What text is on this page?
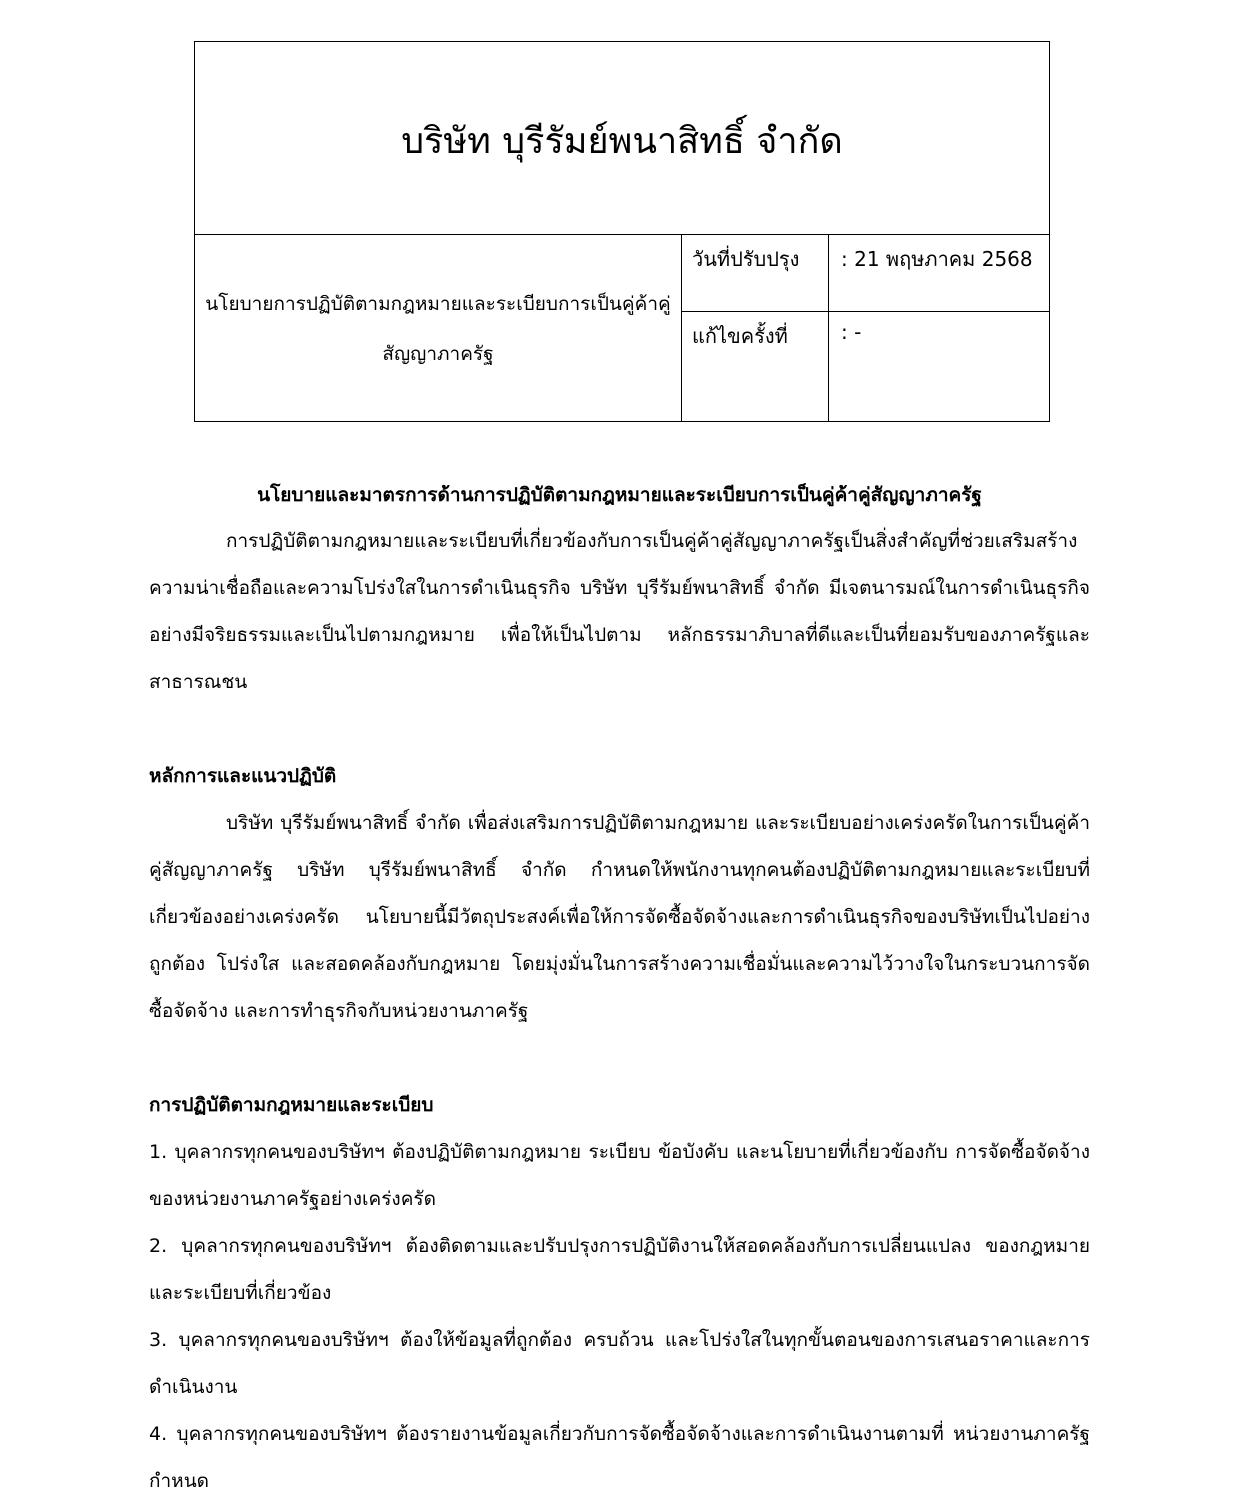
บริษัท บุรีรัมย์พนาสิทธิ์ จำกัด
นโยบายการปฏิบัติตามกฎหมายและระเบียบการเป็นคู่ค้าคู่สัญญาภาครัฐ
วันที่ปรับปรุง	: 21 พฤษภาคม 2568
แก้ไขครั้งที่	: -
นโยบายและมาตรการด้านการปฏิบัติตามกฎหมายและระเบียบการเป็นคู่ค้าคู่สัญญาภาครัฐ

การปฏิบัติตามกฎหมายและระเบียบที่เกี่ยวข้องกับการเป็นคู่ค้าคู่สัญญาภาครัฐเป็นสิ่งสำคัญที่ช่วยเสริมสร้างความน่าเชื่อถือและความโปร่งใสในการดำเนินธุรกิจ บริษัท บุรีรัมย์พนาสิทธิ์ จำกัด มีเจตนารมณ์ในการดำเนินธุรกิจอย่างมีจริยธรรมและเป็นไปตามกฎหมาย เพื่อให้เป็นไปตาม หลักธรรมาภิบาลที่ดีและเป็นที่ยอมรับของภาครัฐและสาธารณชน

หลักการและแนวปฏิบัติ

บริษัท บุรีรัมย์พนาสิทธิ์ จำกัด เพื่อส่งเสริมการปฏิบัติตามกฎหมาย และระเบียบอย่างเคร่งครัดในการเป็นคู่ค้าคู่สัญญาภาครัฐ บริษัท บุรีรัมย์พนาสิทธิ์ จำกัด กำหนดให้พนักงานทุกคนต้องปฏิบัติตามกฎหมายและระเบียบที่เกี่ยวข้องอย่างเคร่งครัด นโยบายนี้มีวัตถุประสงค์เพื่อให้การจัดซื้อจัดจ้างและการดำเนินธุรกิจของบริษัทเป็นไปอย่างถูกต้อง โปร่งใส และสอดคล้องกับกฎหมาย โดยมุ่งมั่นในการสร้างความเชื่อมั่นและความไว้วางใจในกระบวนการจัดซื้อจัดจ้าง และการทำธุรกิจกับหน่วยงานภาครัฐ

การปฏิบัติตามกฎหมายและระเบียบ
1. บุคลากรทุกคนของบริษัทฯ ต้องปฏิบัติตามกฎหมาย ระเบียบ ข้อบังคับ และนโยบายที่เกี่ยวข้องกับ การจัดซื้อจัดจ้างของหน่วยงานภาครัฐอย่างเคร่งครัด
2. บุคลากรทุกคนของบริษัทฯ ต้องติดตามและปรับปรุงการปฏิบัติงานให้สอดคล้องกับการเปลี่ยนแปลง ของกฎหมายและระเบียบที่เกี่ยวข้อง
3. บุคลากรทุกคนของบริษัทฯ ต้องให้ข้อมูลที่ถูกต้อง ครบถ้วน และโปร่งใสในทุกขั้นตอนของการเสนอราคาและการดำเนินงาน
4. บุคลากรทุกคนของบริษัทฯ ต้องรายงานข้อมูลเกี่ยวกับการจัดซื้อจัดจ้างและการดำเนินงานตามที่ หน่วยงานภาครัฐกำหนด
